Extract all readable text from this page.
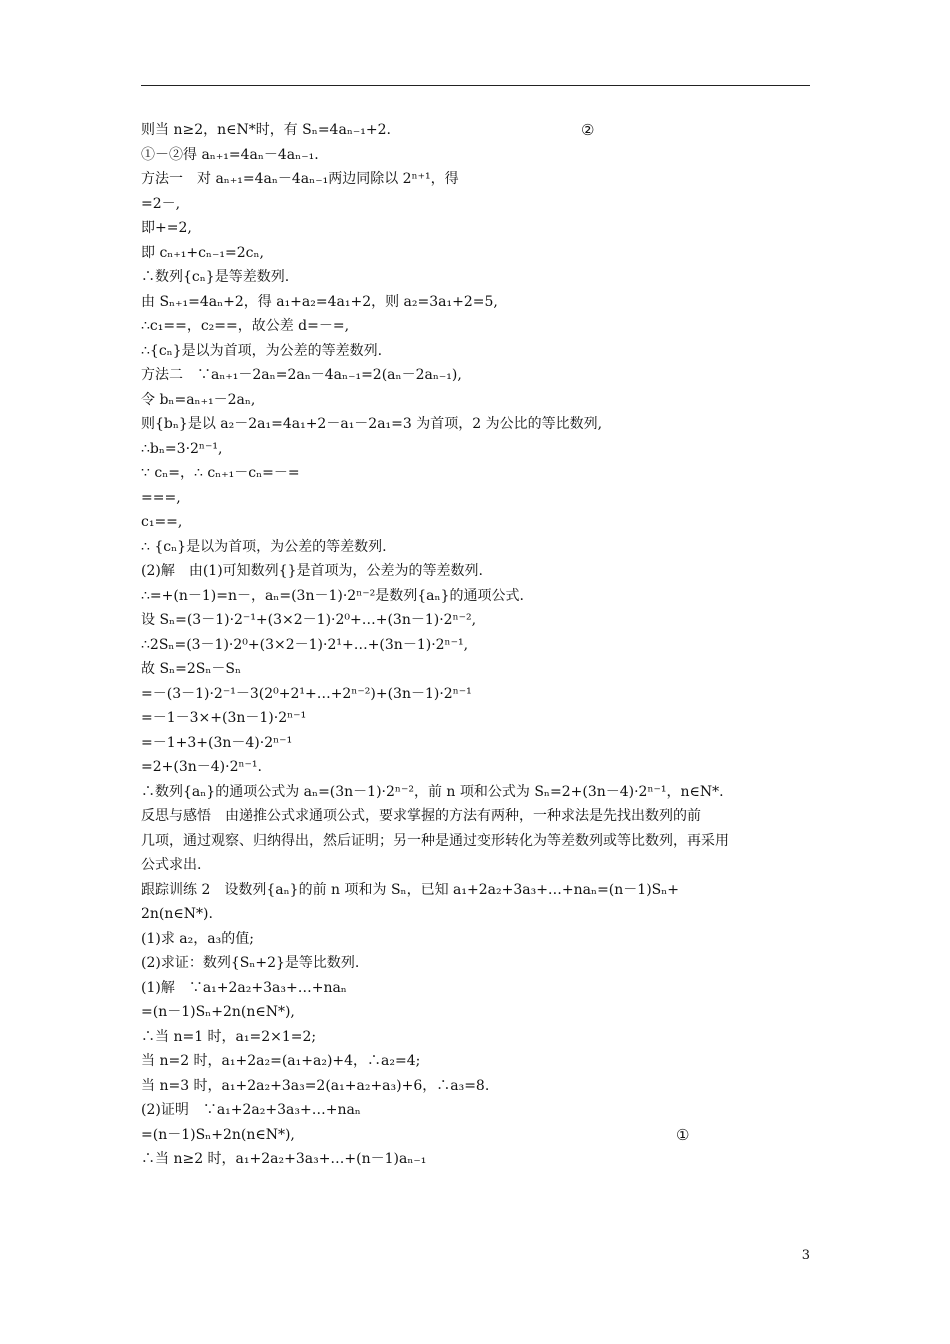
则当 n≥2，n∈N*时，有 Sₙ=4aₙ₋₁+2.	②
①－②得 aₙ₊₁=4aₙ－4aₙ₋₁.
方法一　对 aₙ₊₁=4aₙ－4aₙ₋₁两边同除以 2ⁿ⁺¹，得
=2－,
即+=2,
即 cₙ₊₁+cₙ₋₁=2cₙ,
∴数列{cₙ}是等差数列.
由 Sₙ₊₁=4aₙ+2，得 a₁+a₂=4a₁+2，则 a₂=3a₁+2=5,
∴c₁==，c₂==，故公差 d=－=,
∴{cₙ}是以为首项，为公差的等差数列.
方法二　∵aₙ₊₁－2aₙ=2aₙ－4aₙ₋₁=2(aₙ－2aₙ₋₁),
令 bₙ=aₙ₊₁－2aₙ,
则{bₙ}是以 a₂－2a₁=4a₁+2－a₁－2a₁=3 为首项，2 为公比的等比数列,
∴bₙ=3·2ⁿ⁻¹,
∵ cₙ=，∴ cₙ₊₁－cₙ=－=
===,
c₁==,
∴ {cₙ}是以为首项，为公差的等差数列.
(2)解　由(1)可知数列{}是首项为，公差为的等差数列.
∴=+(n－1)=n－，aₙ=(3n－1)·2ⁿ⁻²是数列{aₙ}的通项公式.
设 Sₙ=(3－1)·2⁻¹+(3×2－1)·2⁰+…+(3n－1)·2ⁿ⁻²,
∴2Sₙ=(3－1)·2⁰+(3×2－1)·2¹+…+(3n－1)·2ⁿ⁻¹,
故 Sₙ=2Sₙ－Sₙ
=－(3－1)·2⁻¹－3(2⁰+2¹+…+2ⁿ⁻²)+(3n－1)·2ⁿ⁻¹
=－1－3×+(3n－1)·2ⁿ⁻¹
=－1+3+(3n－4)·2ⁿ⁻¹
=2+(3n－4)·2ⁿ⁻¹.
∴数列{aₙ}的通项公式为 aₙ=(3n－1)·2ⁿ⁻²，前 n 项和公式为 Sₙ=2+(3n－4)·2ⁿ⁻¹，n∈N*.
反思与感悟　由递推公式求通项公式，要求掌握的方法有两种，一种求法是先找出数列的前
几项，通过观察、归纳得出，然后证明；另一种是通过变形转化为等差数列或等比数列，再采用
公式求出.
跟踪训练 2　设数列{aₙ}的前 n 项和为 Sₙ，已知 a₁+2a₂+3a₃+…+naₙ=(n－1)Sₙ+
2n(n∈N*).
(1)求 a₂，a₃的值;
(2)求证：数列{Sₙ+2}是等比数列.
(1)解　∵a₁+2a₂+3a₃+…+naₙ
=(n－1)Sₙ+2n(n∈N*),
∴当 n=1 时，a₁=2×1=2;
当 n=2 时，a₁+2a₂=(a₁+a₂)+4，∴a₂=4;
当 n=3 时，a₁+2a₂+3a₃=2(a₁+a₂+a₃)+6，∴a₃=8.
(2)证明　∵a₁+2a₂+3a₃+…+naₙ
=(n－1)Sₙ+2n(n∈N*),	①
∴当 n≥2 时，a₁+2a₂+3a₃+…+(n－1)aₙ₋₁
3
